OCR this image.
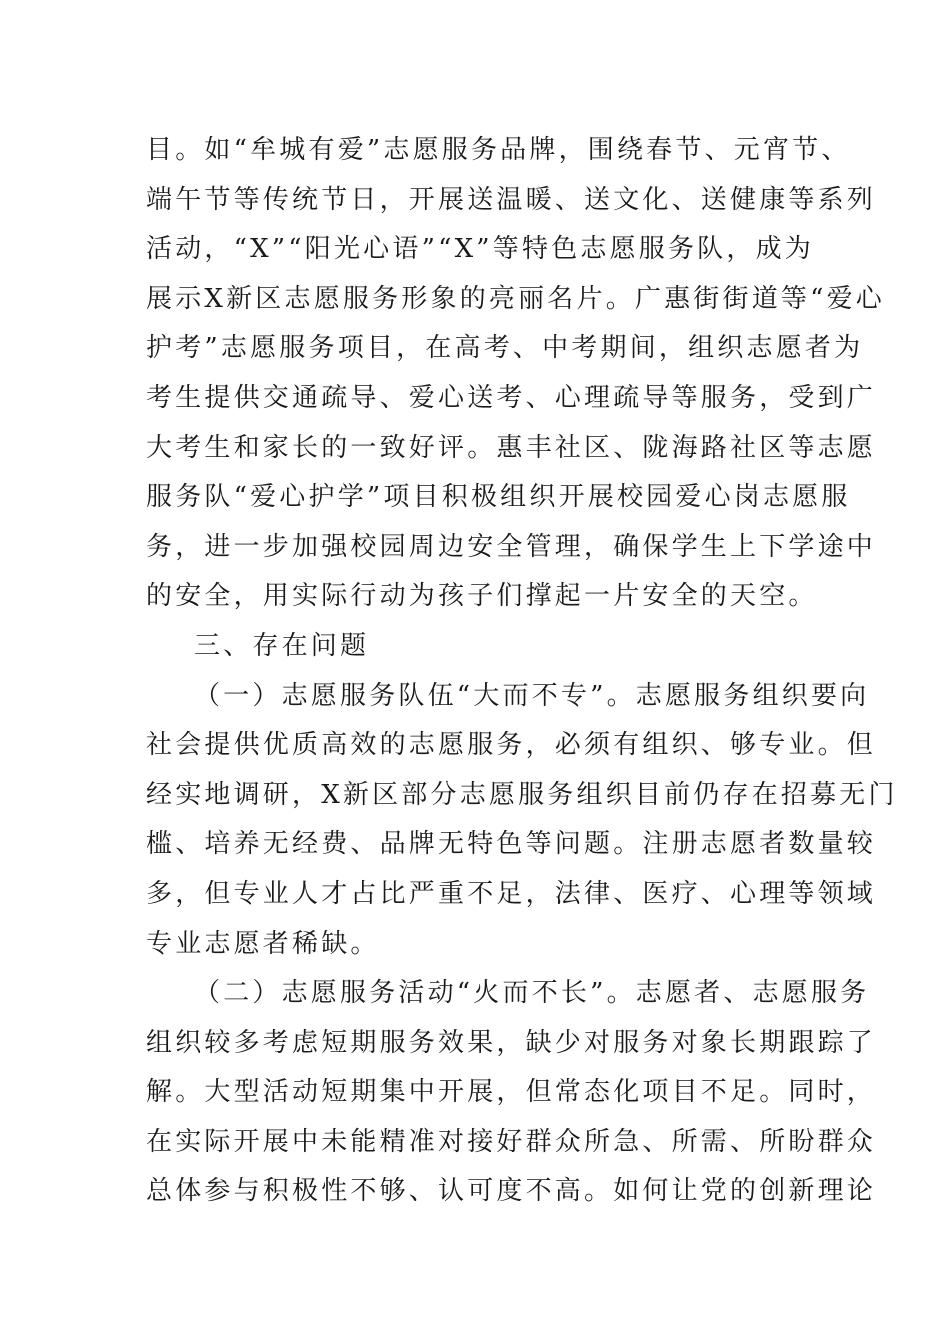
目。如“牟城有爱”志愿服务品牌，围绕春节、元宵节、
端午节等传统节日，开展送温暖、送文化、送健康等系列
活动，“X”“阳光心语”“X”等特色志愿服务队，成为
展示X新区志愿服务形象的亮丽名片。广惠街街道等“爱心
护考”志愿服务项目，在高考、中考期间，组织志愿者为
考生提供交通疏导、爱心送考、心理疏导等服务，受到广
大考生和家长的一致好评。惠丰社区、陇海路社区等志愿
服务队“爱心护学”项目积极组织开展校园爱心岗志愿服
务，进一步加强校园周边安全管理，确保学生上下学途中
的安全，用实际行动为孩子们撑起一片安全的天空。
三、存在问题
（一）志愿服务队伍“大而不专”。志愿服务组织要向
社会提供优质高效的志愿服务，必须有组织、够专业。但
经实地调研，X新区部分志愿服务组织目前仍存在招募无门
槛、培养无经费、品牌无特色等问题。注册志愿者数量较
多，但专业人才占比严重不足，法律、医疗、心理等领域
专业志愿者稀缺。
（二）志愿服务活动“火而不长”。志愿者、志愿服务
组织较多考虑短期服务效果，缺少对服务对象长期跟踪了
解。大型活动短期集中开展，但常态化项目不足。同时，
在实际开展中未能精准对接好群众所急、所需、所盼群众
总体参与积极性不够、认可度不高。如何让党的创新理论
